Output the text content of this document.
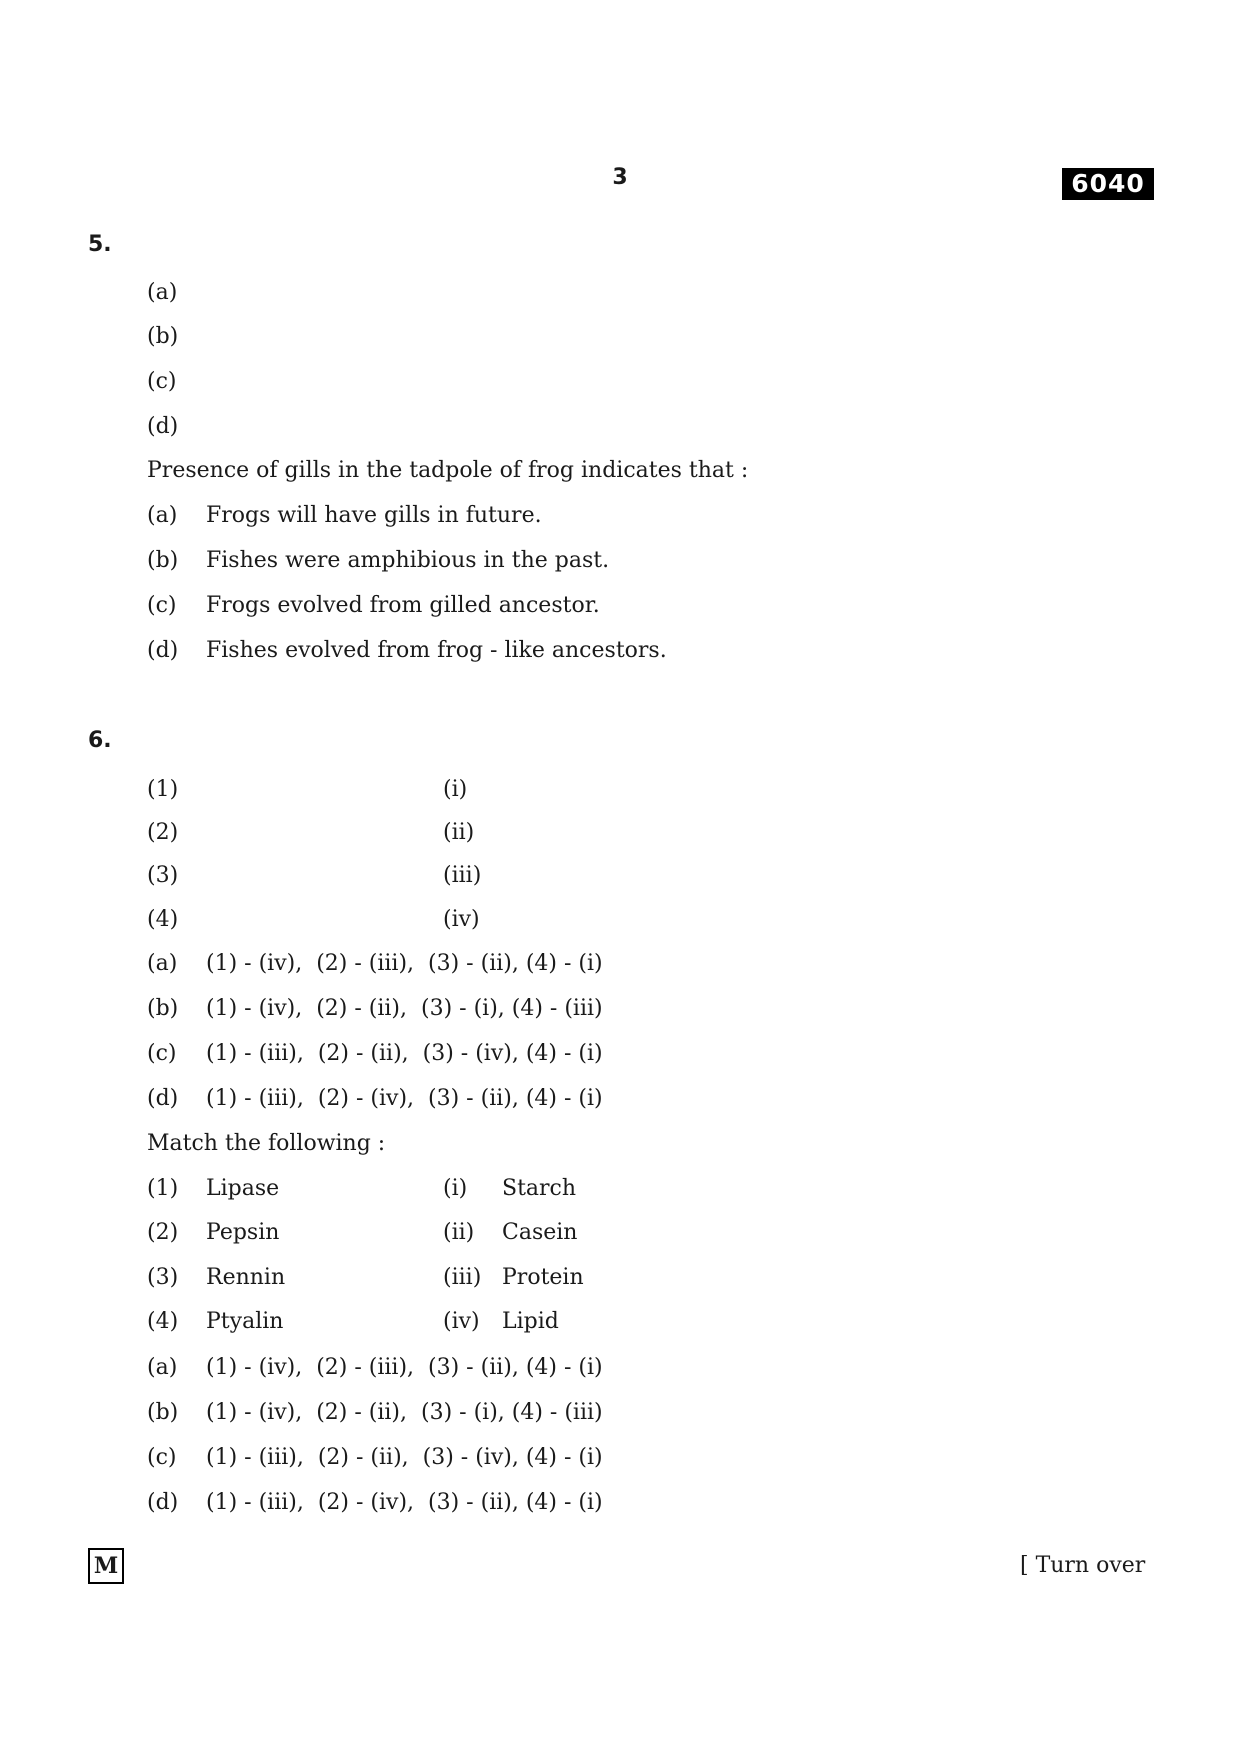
3	6040
5.
(a)
(b)
(c)
(d)
Presence of gills in the tadpole of frog indicates that :
(a) Frogs will have gills in future.
(b) Fishes were amphibious in the past.
(c) Frogs evolved from gilled ancestor.
(d) Fishes evolved from frog - like ancestors.
6.
(1)	(i)
(2)	(ii)
(3)	(iii)
(4)	(iv)
(a) (1) - (iv),  (2) - (iii),  (3) - (ii), (4) - (i)
(b) (1) - (iv),  (2) - (ii),  (3) - (i), (4) - (iii)
(c) (1) - (iii),  (2) - (ii),  (3) - (iv), (4) - (i)
(d) (1) - (iii),  (2) - (iv),  (3) - (ii), (4) - (i)
Match the following :
(1) Lipase	(i) Starch
(2) Pepsin	(ii) Casein
(3) Rennin	(iii) Protein
(4) Ptyalin	(iv) Lipid
(a) (1) - (iv),  (2) - (iii),  (3) - (ii), (4) - (i)
(b) (1) - (iv),  (2) - (ii),  (3) - (i), (4) - (iii)
(c) (1) - (iii),  (2) - (ii),  (3) - (iv), (4) - (i)
(d) (1) - (iii),  (2) - (iv),  (3) - (ii), (4) - (i)
M	[ Turn over
